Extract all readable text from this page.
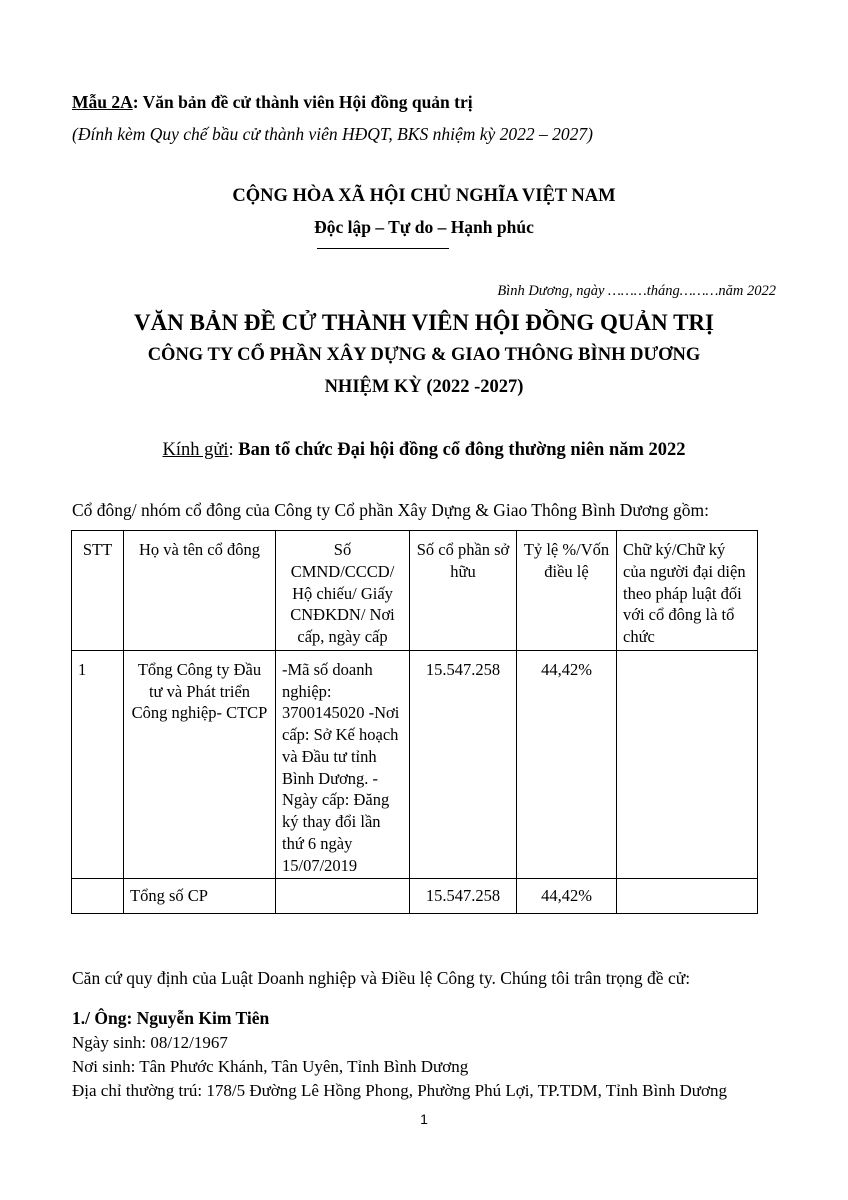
Mẫu 2A: Văn bản đề cử thành viên Hội đồng quản trị
(Đính kèm Quy chế bầu cử thành viên HĐQT, BKS nhiệm kỳ 2022 – 2027)
CỘNG HÒA XÃ HỘI CHỦ NGHĨA VIỆT NAM
Độc lập – Tự do – Hạnh phúc
Bình Dương, ngày ………tháng………năm 2022
VĂN BẢN ĐỀ CỬ THÀNH VIÊN HỘI ĐỒNG QUẢN TRỊ
CÔNG TY CỔ PHẦN XÂY DỰNG & GIAO THÔNG BÌNH DƯƠNG
NHIỆM KỲ (2022 -2027)
Kính gửi: Ban tổ chức Đại hội đồng cổ đông thường niên năm 2022
Cổ đông/ nhóm cổ đông của Công ty Cổ phần Xây Dựng & Giao Thông Bình Dương gồm:
STT	Họ và tên cổ đông	Số CMND/CCCD/ Hộ chiếu/ Giấy CNĐKDN/ Nơi cấp, ngày cấp	Số cổ phần sở hữu	Tỷ lệ %/Vốn điều lệ	Chữ ký/Chữ ký của người đại diện theo pháp luật đối với cổ đông là tổ chức
1	Tổng Công ty Đầu tư và Phát triển Công nghiệp- CTCP	-Mã số doanh nghiệp: 3700145020 -Nơi cấp: Sở Kế hoạch và Đầu tư tỉnh Bình Dương. -Ngày cấp: Đăng ký thay đổi lần thứ 6 ngày 15/07/2019	15.547.258	44,42%	
	Tổng số CP		15.547.258	44,42%	
Căn cứ quy định của Luật Doanh nghiệp và Điều lệ Công ty. Chúng tôi trân trọng đề cử:
1./ Ông: Nguyễn Kim Tiên
Ngày sinh: 08/12/1967
Nơi sinh: Tân Phước Khánh, Tân Uyên, Tỉnh Bình Dương
Địa chỉ thường trú: 178/5 Đường Lê Hồng Phong, Phường Phú Lợi, TP.TDM, Tỉnh Bình Dương
1
